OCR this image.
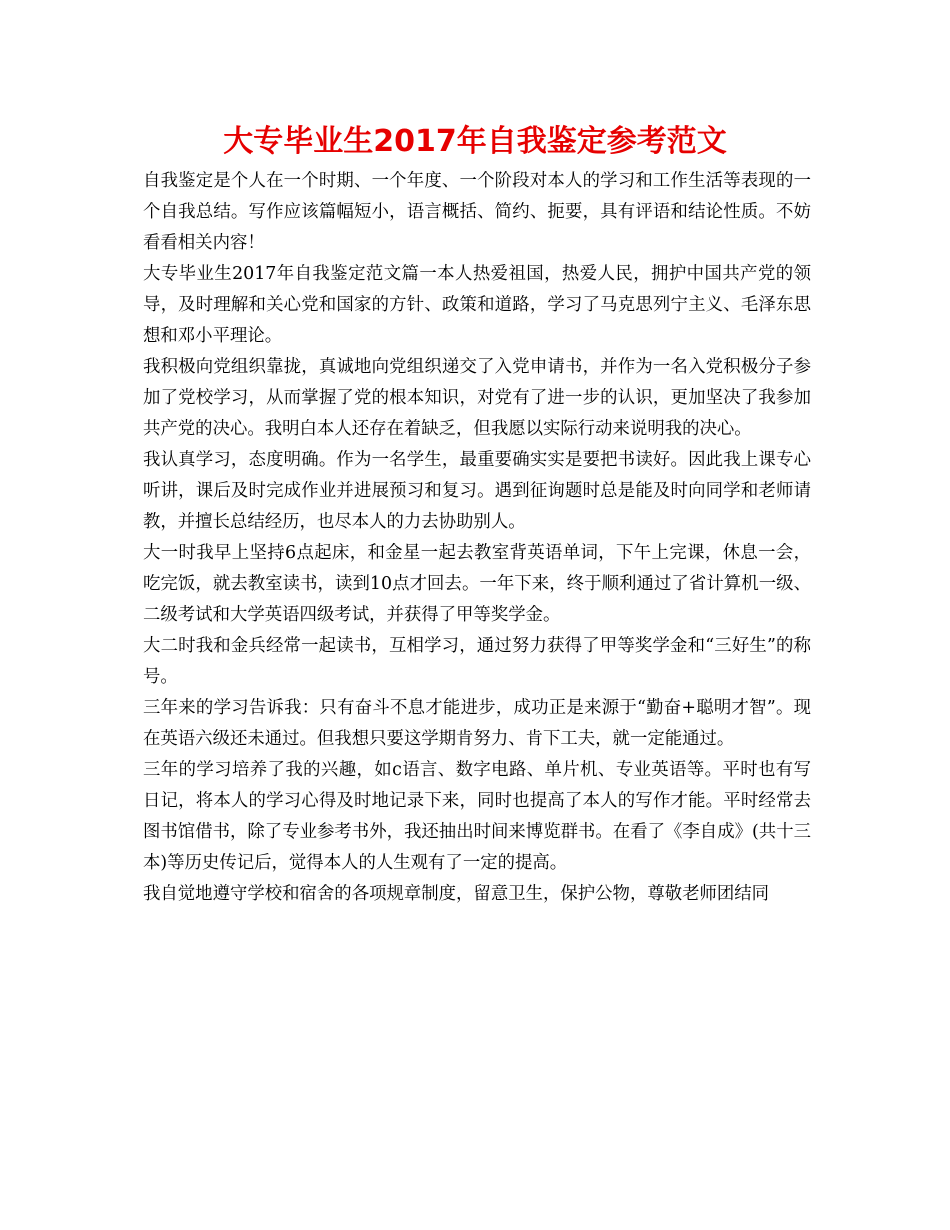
大专毕业生2017年自我鉴定参考范文

自我鉴定是个人在一个时期、一个年度、一个阶段对本人的学习和工作生活等表现的一个自我总结。写作应该篇幅短小，语言概括、简约、扼要，具有评语和结论性质。不妨看看相关内容！

大专毕业生2017年自我鉴定范文篇一本人热爱祖国，热爱人民，拥护中国共产党的领导，及时理解和关心党和国家的方针、政策和道路，学习了马克思列宁主义、毛泽东思想和邓小平理论。

我积极向党组织靠拢，真诚地向党组织递交了入党申请书，并作为一名入党积极分子参加了党校学习，从而掌握了党的根本知识，对党有了进一步的认识，更加坚决了我参加共产党的决心。我明白本人还存在着缺乏，但我愿以实际行动来说明我的决心。

我认真学习，态度明确。作为一名学生，最重要确实实是要把书读好。因此我上课专心听讲，课后及时完成作业并进展预习和复习。遇到征询题时总是能及时向同学和老师请教，并擅长总结经历，也尽本人的力去协助别人。

大一时我早上坚持6点起床，和金星一起去教室背英语单词，下午上完课，休息一会，吃完饭，就去教室读书，读到10点才回去。一年下来，终于顺利通过了省计算机一级、二级考试和大学英语四级考试，并获得了甲等奖学金。

大二时我和金兵经常一起读书，互相学习，通过努力获得了甲等奖学金和“三好生”的称号。

三年来的学习告诉我：只有奋斗不息才能进步，成功正是来源于“勤奋+聪明才智”。现在英语六级还未通过。但我想只要这学期肯努力、肯下工夫，就一定能通过。

三年的学习培养了我的兴趣，如c语言、数字电路、单片机、专业英语等。平时也有写日记，将本人的学习心得及时地记录下来，同时也提高了本人的写作才能。平时经常去图书馆借书，除了专业参考书外，我还抽出时间来博览群书。在看了《李自成》(共十三本)等历史传记后，觉得本人的人生观有了一定的提高。

我自觉地遵守学校和宿舍的各项规章制度，留意卫生，保护公物，尊敬老师团结同
